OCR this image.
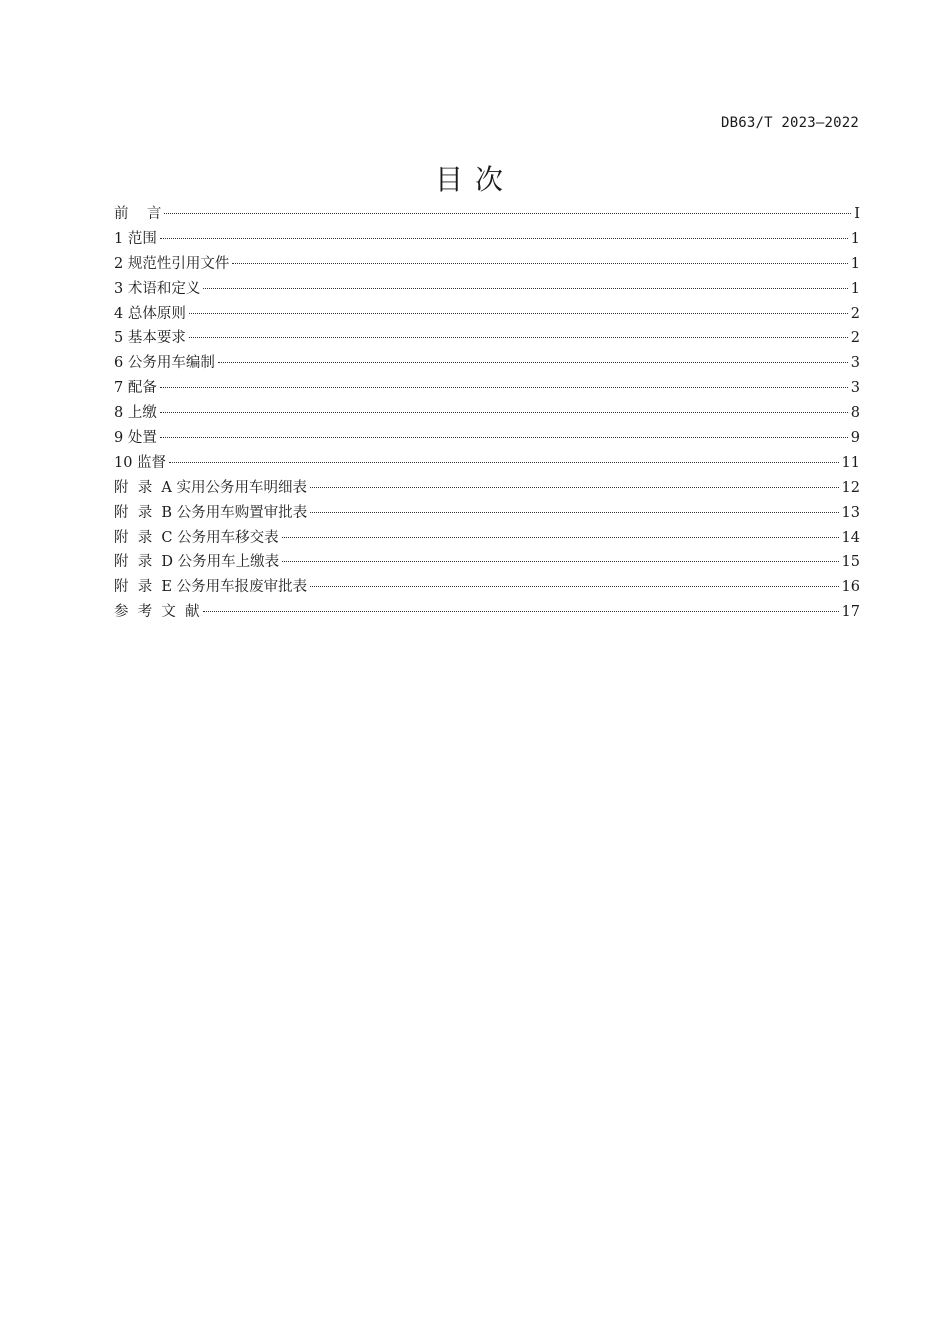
DB63/T 2023—2022
目次
前    言	I
1 范围	1
2 规范性引用文件	1
3 术语和定义	1
4 总体原则	2
5 基本要求	2
6 公务用车编制	3
7 配备	3
8 上缴	8
9 处置	9
10 监督	11
附  录  A 实用公务用车明细表	12
附  录  B 公务用车购置审批表	13
附  录  C 公务用车移交表	14
附  录  D 公务用车上缴表	15
附  录  E 公务用车报废审批表	16
参  考  文  献	17
